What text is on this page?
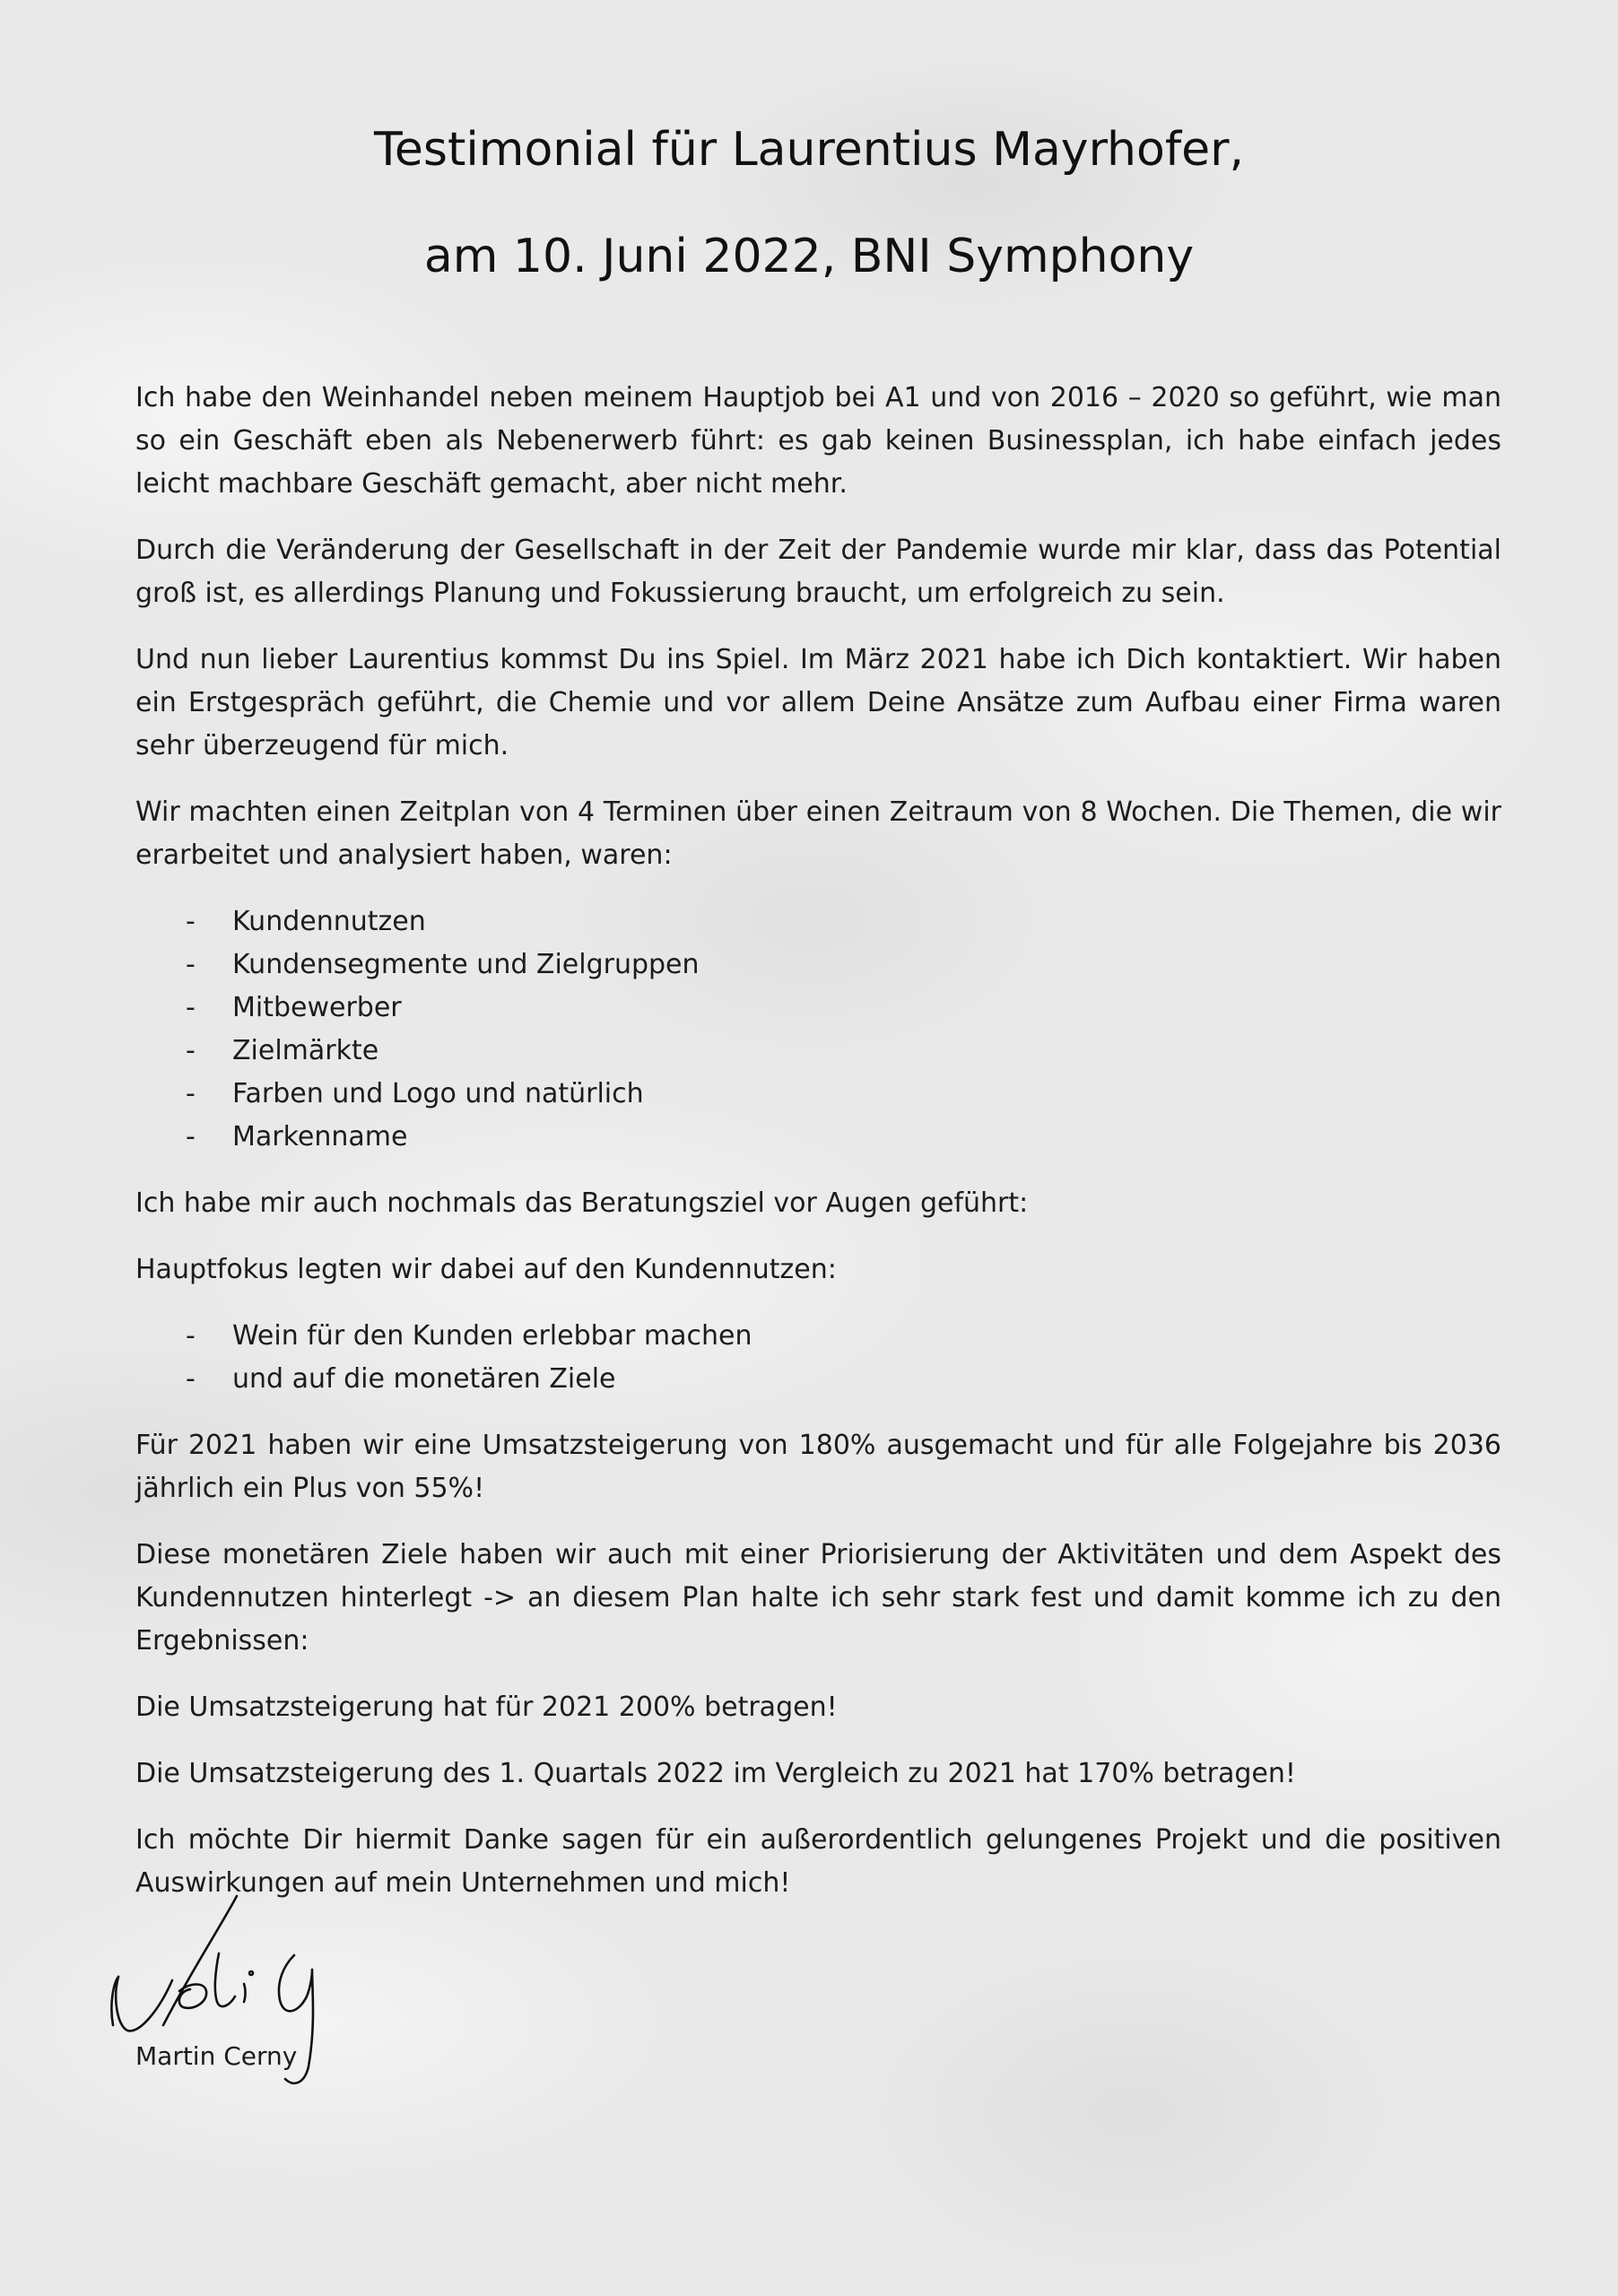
Testimonial für Laurentius Mayrhofer,
am 10. Juni 2022, BNI Symphony

Ich habe den Weinhandel neben meinem Hauptjob bei A1 und von 2016 – 2020 so geführt, wie man so ein Geschäft eben als Nebenerwerb führt: es gab keinen Businessplan, ich habe einfach jedes leicht machbare Geschäft gemacht, aber nicht mehr.

Durch die Veränderung der Gesellschaft in der Zeit der Pandemie wurde mir klar, dass das Potential groß ist, es allerdings Planung und Fokussierung braucht, um erfolgreich zu sein.

Und nun lieber Laurentius kommst Du ins Spiel. Im März 2021 habe ich Dich kontaktiert. Wir haben ein Erstgespräch geführt, die Chemie und vor allem Deine Ansätze zum Aufbau einer Firma waren sehr überzeugend für mich.

Wir machten einen Zeitplan von 4 Terminen über einen Zeitraum von 8 Wochen. Die Themen, die wir erarbeitet und analysiert haben, waren:

- Kundennutzen
- Kundensegmente und Zielgruppen
- Mitbewerber
- Zielmärkte
- Farben und Logo und natürlich
- Markenname

Ich habe mir auch nochmals das Beratungsziel vor Augen geführt:

Hauptfokus legten wir dabei auf den Kundennutzen:

- Wein für den Kunden erlebbar machen
- und auf die monetären Ziele

Für 2021 haben wir eine Umsatzsteigerung von 180% ausgemacht und für alle Folgejahre bis 2036 jährlich ein Plus von 55%!

Diese monetären Ziele haben wir auch mit einer Priorisierung der Aktivitäten und dem Aspekt des Kundennutzen hinterlegt -> an diesem Plan halte ich sehr stark fest und damit komme ich zu den Ergebnissen:

Die Umsatzsteigerung hat für 2021 200% betragen!

Die Umsatzsteigerung des 1. Quartals 2022 im Vergleich zu 2021 hat 170% betragen!

Ich möchte Dir hiermit Danke sagen für ein außerordentlich gelungenes Projekt und die positiven Auswirkungen auf mein Unternehmen und mich!

Martin Cerny
